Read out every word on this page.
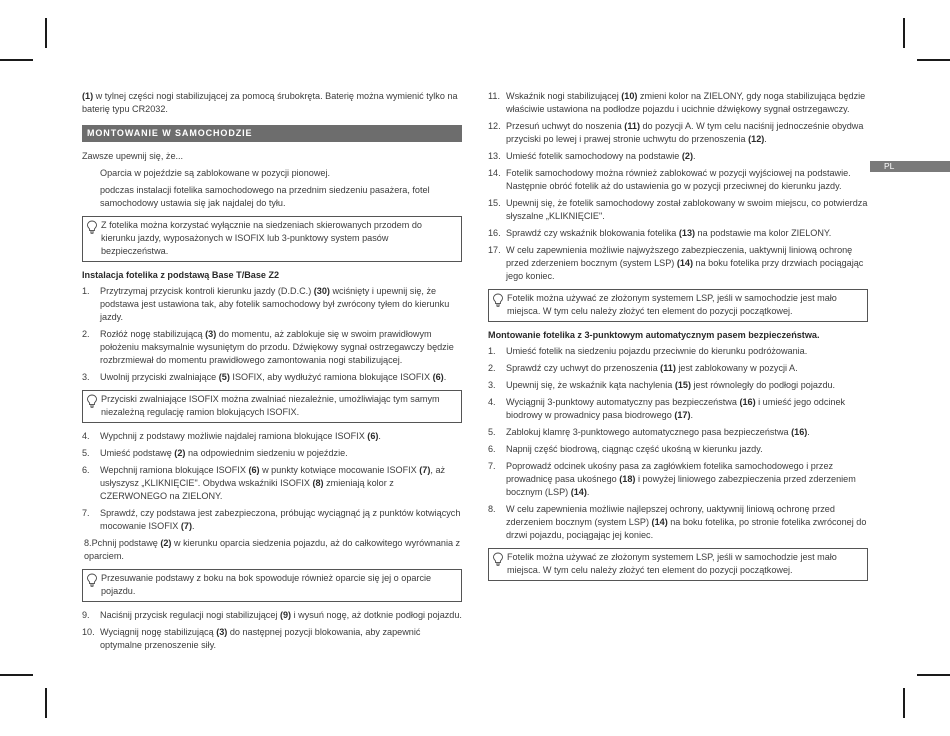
PL

(1) w tylnej części nogi stabilizującej za pomocą śrubokręta. Baterię można wymienić tylko na baterię typu CR2032.

MONTOWANIE W SAMOCHODZIE

Zawsze upewnij się, że...

Oparcia w pojeździe są zablokowane w pozycji pionowej.

podczas instalacji fotelika samochodowego na przednim siedzeniu pasażera, fotel samochodowy ustawia się jak najdalej do tyłu.

Z fotelika można korzystać wyłącznie na siedzeniach skierowanych przodem do kierunku jazdy, wyposażonych w ISOFIX lub 3-punktowy system pasów bezpieczeństwa.
Instalacja fotelika z podstawą Base T/Base Z2
1. Przytrzymaj przycisk kontroli kierunku jazdy (D.D.C.) (30) wciśnięty i upewnij się, że podstawa jest ustawiona tak, aby fotelik samochodowy był zwrócony tyłem do kierunku jazdy.
2. Rozłóż nogę stabilizującą (3) do momentu, aż zablokuje się w swoim prawidłowym położeniu maksymalnie wysuniętym do przodu. Dźwiękowy sygnał ostrzegawczy będzie rozbrzmiewał do momentu prawidłowego zamontowania nogi stabilizującej.
3. Uwolnij przyciski zwalniające (5) ISOFIX, aby wydłużyć ramiona blokujące ISOFIX (6).
Przyciski zwalniające ISOFIX można zwalniać niezależnie, umożliwiając tym samym niezależną regulację ramion blokujących ISOFIX.
4. Wypchnij z podstawy możliwie najdalej ramiona blokujące ISOFIX (6).
5. Umieść podstawę (2) na odpowiednim siedzeniu w pojeździe.
6. Wepchnij ramiona blokujące ISOFIX (6) w punkty kotwiące mocowanie ISOFIX (7), aż usłyszysz „KLIKNIĘCIE". Obydwa wskaźniki ISOFIX (8) zmieniają kolor z CZERWONEGO na ZIELONY.
7. Sprawdź, czy podstawa jest zabezpieczona, próbując wyciągnąć ją z punktów kotwiących mocowanie ISOFIX (7).

8.Pchnij podstawę (2) w kierunku oparcia siedzenia pojazdu, aż do całkowitego wyrównania z oparciem.

Przesuwanie podstawy z boku na bok spowoduje również oparcie się jej o oparcie pojazdu.
9. Naciśnij przycisk regulacji nogi stabilizującej (9) i wysuń nogę, aż dotknie podłogi pojazdu.
10. Wyciągnij nogę stabilizującą (3) do następnej pozycji blokowania, aby zapewnić optymalne przenoszenie siły.
11. Wskaźnik nogi stabilizującej (10) zmieni kolor na ZIELONY, gdy noga stabilizująca będzie właściwie ustawiona na podłodze pojazdu i ucichnie dźwiękowy sygnał ostrzegawczy.
12. Przesuń uchwyt do noszenia (11) do pozycji A. W tym celu naciśnij jednocześnie obydwa przyciski po lewej i prawej stronie uchwytu do przenoszenia (12).
13. Umieść fotelik samochodowy na podstawie (2).
14. Fotelik samochodowy można również zablokować w pozycji wyjściowej na podstawie. Następnie obróć fotelik aż do ustawienia go w pozycji przeciwnej do kierunku jazdy.
15. Upewnij się, że fotelik samochodowy został zablokowany w swoim miejscu, co potwierdza słyszalne „KLIKNIĘCIE".
16. Sprawdź czy wskaźnik blokowania fotelika (13) na podstawie ma kolor ZIELONY.
17. W celu zapewnienia możliwie najwyższego zabezpieczenia, uaktywnij liniową ochronę przed zderzeniem bocznym (system LSP) (14) na boku fotelika przy drzwiach pociągając jego koniec.
Fotelik można używać ze złożonym systemem LSP, jeśli w samochodzie jest mało miejsca. W tym celu należy złożyć ten element do pozycji początkowej.
Montowanie fotelika z 3-punktowym automatycznym pasem bezpieczeństwa.
1. Umieść fotelik na siedzeniu pojazdu przeciwnie do kierunku podróżowania.
2. Sprawdź czy uchwyt do przenoszenia (11) jest zablokowany w pozycji A.
3. Upewnij się, że wskaźnik kąta nachylenia (15) jest równoległy do podłogi pojazdu.
4. Wyciągnij 3-punktowy automatyczny pas bezpieczeństwa (16) i umieść jego odcinek biodrowy w prowadnicy pasa biodrowego (17).
5. Zablokuj klamrę 3-punktowego automatycznego pasa bezpieczeństwa (16).
6. Napnij część biodrową, ciągnąc część ukośną w kierunku jazdy.
7. Poprowadź odcinek ukośny pasa za zagłówkiem fotelika samochodowego i przez prowadnicę pasa ukośnego (18) i powyżej liniowego zabezpieczenia przed zderzeniem bocznym (LSP) (14).
8. W celu zapewnienia możliwie najlepszej ochrony, uaktywnij liniową ochronę przed zderzeniem bocznym (system LSP) (14) na boku fotelika, po stronie fotelika zwróconej do drzwi pojazdu, pociągając jej koniec.
Fotelik można używać ze złożonym systemem LSP, jeśli w samochodzie jest mało miejsca. W tym celu należy złożyć ten element do pozycji początkowej.
